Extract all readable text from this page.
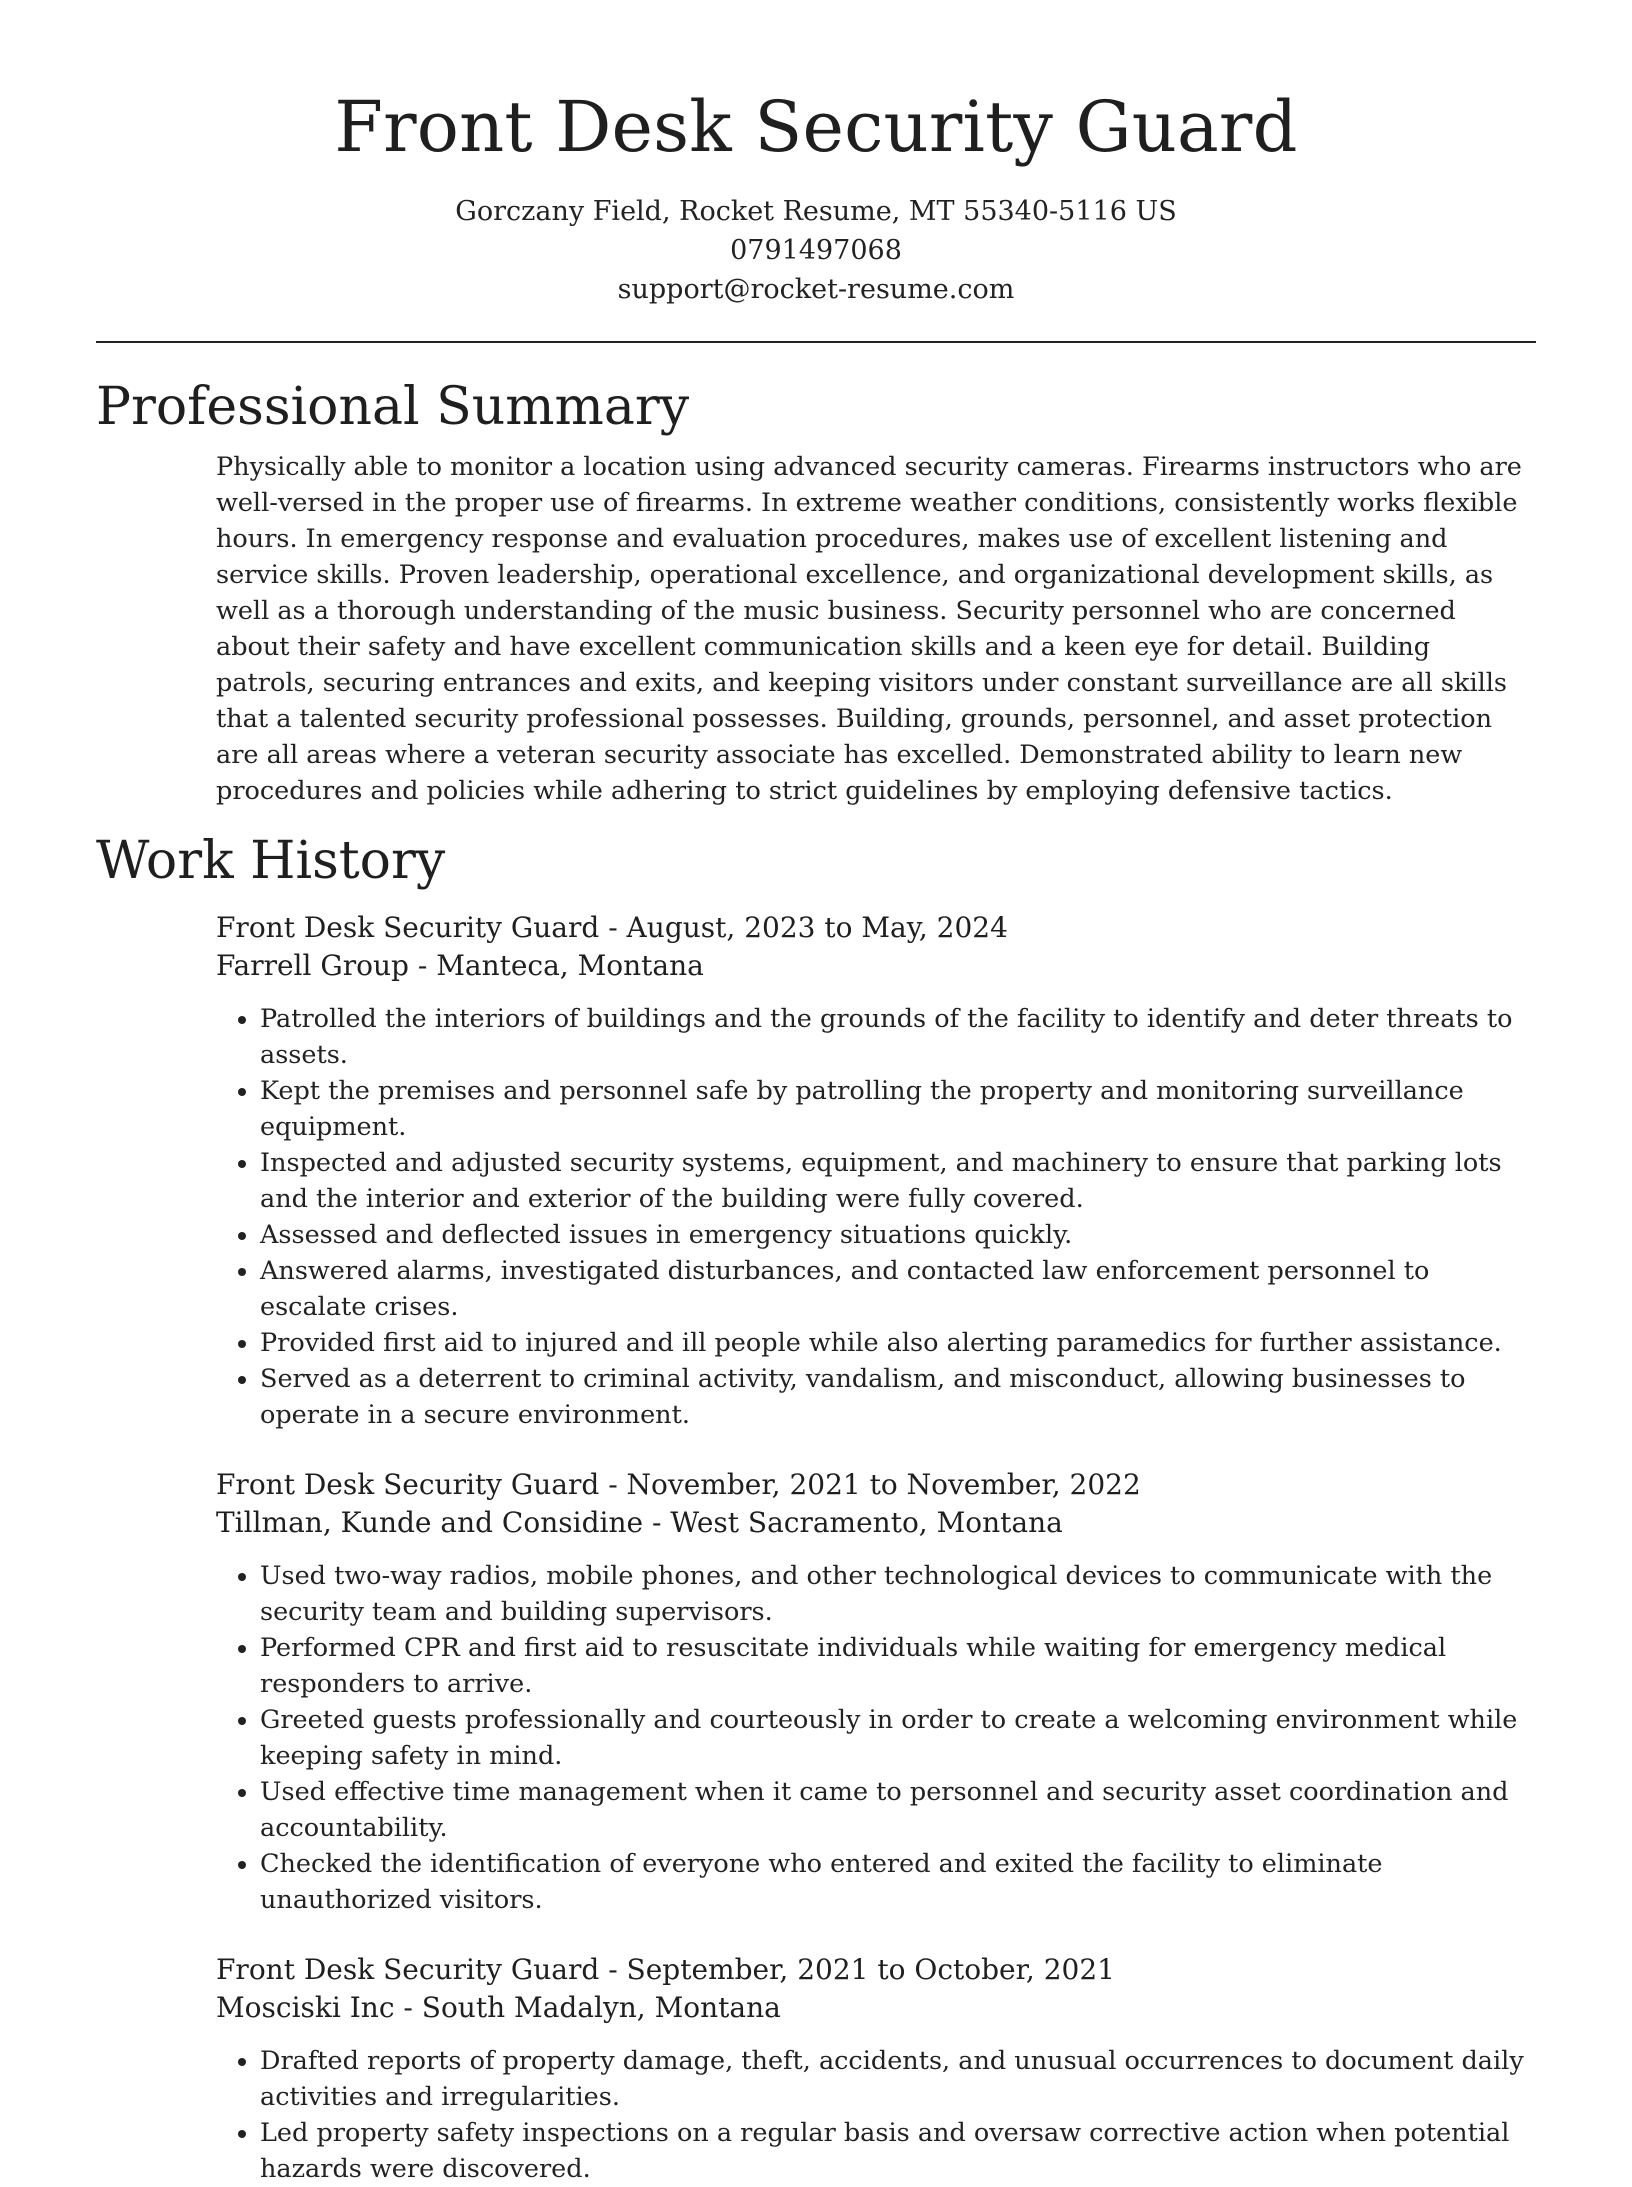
Front Desk Security Guard
Gorczany Field, Rocket Resume, MT 55340-5116 US
0791497068
support@rocket-resume.com
Professional Summary

Physically able to monitor a location using advanced security cameras. Firearms instructors who are well-versed in the proper use of firearms. In extreme weather conditions, consistently works flexible hours. In emergency response and evaluation procedures, makes use of excellent listening and service skills. Proven leadership, operational excellence, and organizational development skills, as well as a thorough understanding of the music business. Security personnel who are concerned about their safety and have excellent communication skills and a keen eye for detail. Building patrols, securing entrances and exits, and keeping visitors under constant surveillance are all skills that a talented security professional possesses. Building, grounds, personnel, and asset protection are all areas where a veteran security associate has excelled. Demonstrated ability to learn new procedures and policies while adhering to strict guidelines by employing defensive tactics.

Work History
Front Desk Security Guard - August, 2023 to May, 2024
Farrell Group - Manteca, Montana
• Patrolled the interiors of buildings and the grounds of the facility to identify and deter threats to assets.
• Kept the premises and personnel safe by patrolling the property and monitoring surveillance equipment.
• Inspected and adjusted security systems, equipment, and machinery to ensure that parking lots and the interior and exterior of the building were fully covered.
• Assessed and deflected issues in emergency situations quickly.
• Answered alarms, investigated disturbances, and contacted law enforcement personnel to escalate crises.
• Provided first aid to injured and ill people while also alerting paramedics for further assistance.
• Served as a deterrent to criminal activity, vandalism, and misconduct, allowing businesses to operate in a secure environment.
Front Desk Security Guard - November, 2021 to November, 2022
Tillman, Kunde and Considine - West Sacramento, Montana
• Used two-way radios, mobile phones, and other technological devices to communicate with the security team and building supervisors.
• Performed CPR and first aid to resuscitate individuals while waiting for emergency medical responders to arrive.
• Greeted guests professionally and courteously in order to create a welcoming environment while keeping safety in mind.
• Used effective time management when it came to personnel and security asset coordination and accountability.
• Checked the identification of everyone who entered and exited the facility to eliminate unauthorized visitors.
Front Desk Security Guard - September, 2021 to October, 2021
Mosciski Inc - South Madalyn, Montana
• Drafted reports of property damage, theft, accidents, and unusual occurrences to document daily activities and irregularities.
• Led property safety inspections on a regular basis and oversaw corrective action when potential hazards were discovered.
